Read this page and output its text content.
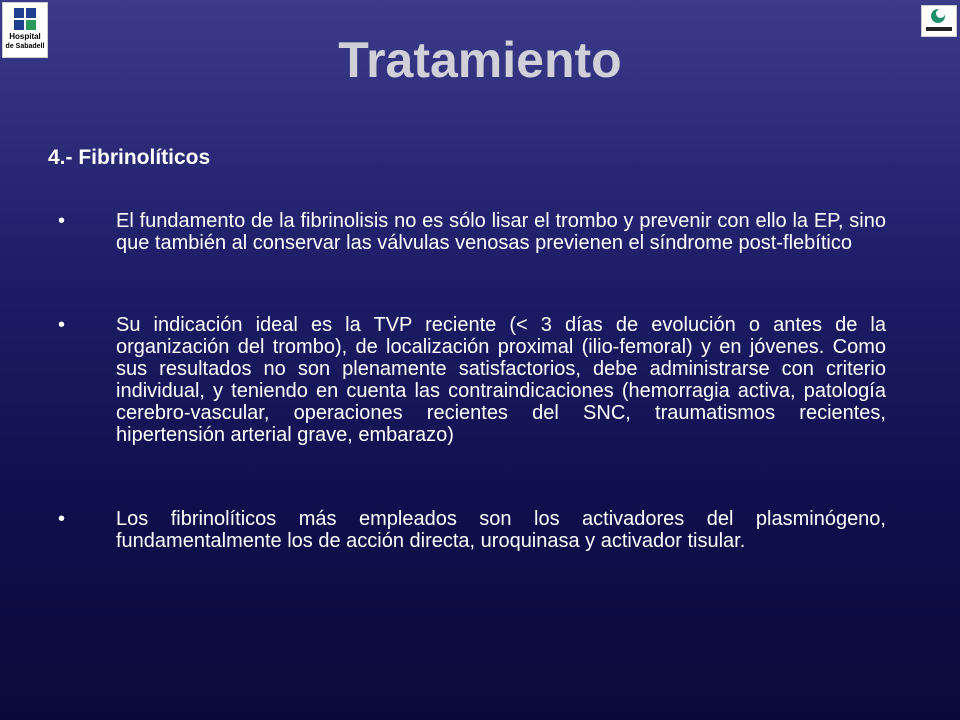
Hospital
de Sabadell	Tratamiento
4.- Fibrinolíticos
•	El fundamento de la fibrinolisis no es sólo lisar el trombo y prevenir con ello la EP, sino que también al conservar las válvulas venosas previenen el síndrome post-flebítico
•	Su indicación ideal es la TVP reciente (< 3 días de evolución o antes de la organización del trombo), de localización proximal (ilio-femoral) y en jóvenes. Como sus resultados no son plenamente satisfactorios, debe administrarse con criterio individual, y teniendo en cuenta las contraindicaciones (hemorragia activa, patología cerebro-vascular, operaciones recientes del SNC, traumatismos recientes, hipertensión arterial grave, embarazo)
•	Los fibrinolíticos más empleados son los activadores del plasminógeno, fundamentalmente los de acción directa, uroquinasa y activador tisular.
